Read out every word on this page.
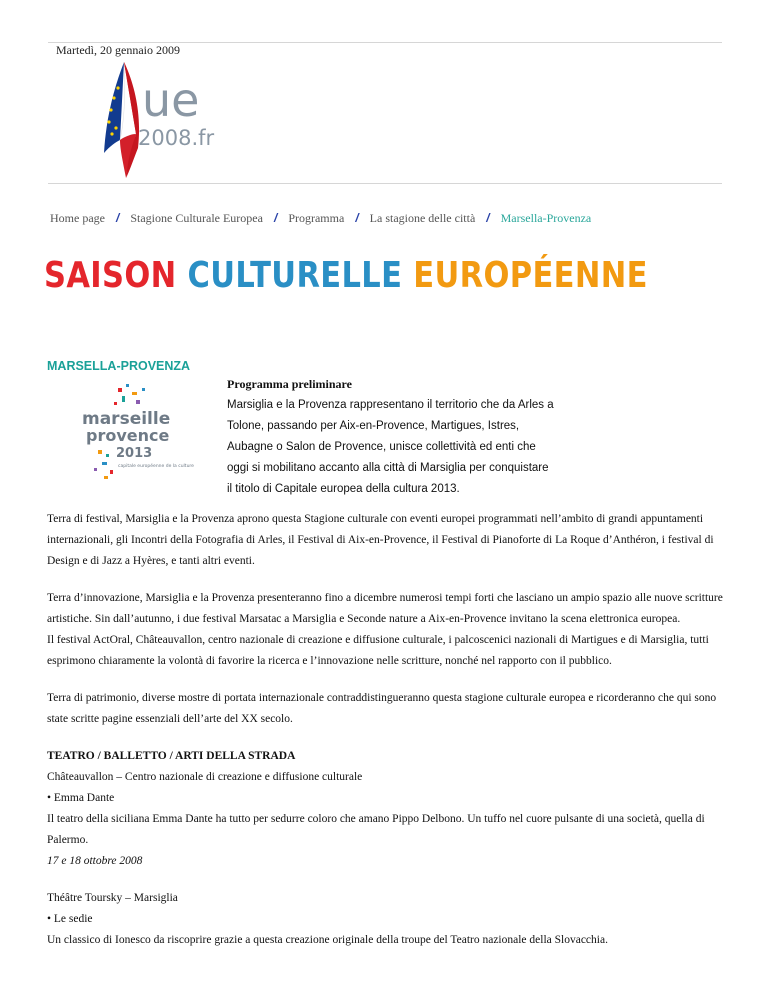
Martedì, 20 gennaio 2009
ue
2008.fr
Home page / Stagione Culturale Europea / Programma / La stagione delle città / Marsella-Provenza
SAISON CULTURELLE EUROPÉENNE
MARSELLA-PROVENZA
marseille
provence
2013
capitale européenne de la culture
Programma preliminare
Marsiglia e la Provenza rappresentano il territorio che da Arles a
Tolone, passando per Aix-en-Provence, Martigues, Istres,
Aubagne o Salon de Provence, unisce collettività ed enti che
oggi si mobilitano accanto alla città di Marsiglia per conquistare
il titolo di Capitale europea della cultura 2013.

Terra di festival, Marsiglia e la Provenza aprono questa Stagione culturale con eventi europei programmati nell’ambito di grandi appuntamenti internazionali, gli Incontri della Fotografia di Arles, il Festival di Aix-en-Provence, il Festival di Pianoforte di La Roque d’Anthéron, i festival di Design e di Jazz a Hyères, e tanti altri eventi.

Terra d’innovazione, Marsiglia e la Provenza presenteranno fino a dicembre numerosi tempi forti che lasciano un ampio spazio alle nuove scritture artistiche. Sin dall’autunno, i due festival Marsatac a Marsiglia e Seconde nature a Aix-en-Provence invitano la scena elettronica europea.

Il festival ActOral, Châteauvallon, centro nazionale di creazione e diffusione culturale, i palcoscenici nazionali di Martigues e di Marsiglia, tutti esprimono chiaramente la volontà di favorire la ricerca e l’innovazione nelle scritture, nonché nel rapporto con il pubblico.

Terra di patrimonio, diverse mostre di portata internazionale contraddistingueranno questa stagione culturale europea e ricorderanno che qui sono state scritte pagine essenziali dell’arte del XX secolo.

TEATRO / BALLETTO / ARTI DELLA STRADA

Châteauvallon – Centro nazionale di creazione e diffusione culturale

• Emma Dante

Il teatro della siciliana Emma Dante ha tutto per sedurre coloro che amano Pippo Delbono. Un tuffo nel cuore pulsante di una società, quella di Palermo.

17 e 18 ottobre 2008

Théâtre Toursky – Marsiglia

• Le sedie

Un classico di Ionesco da riscoprire grazie a questa creazione originale della troupe del Teatro nazionale della Slovacchia.
